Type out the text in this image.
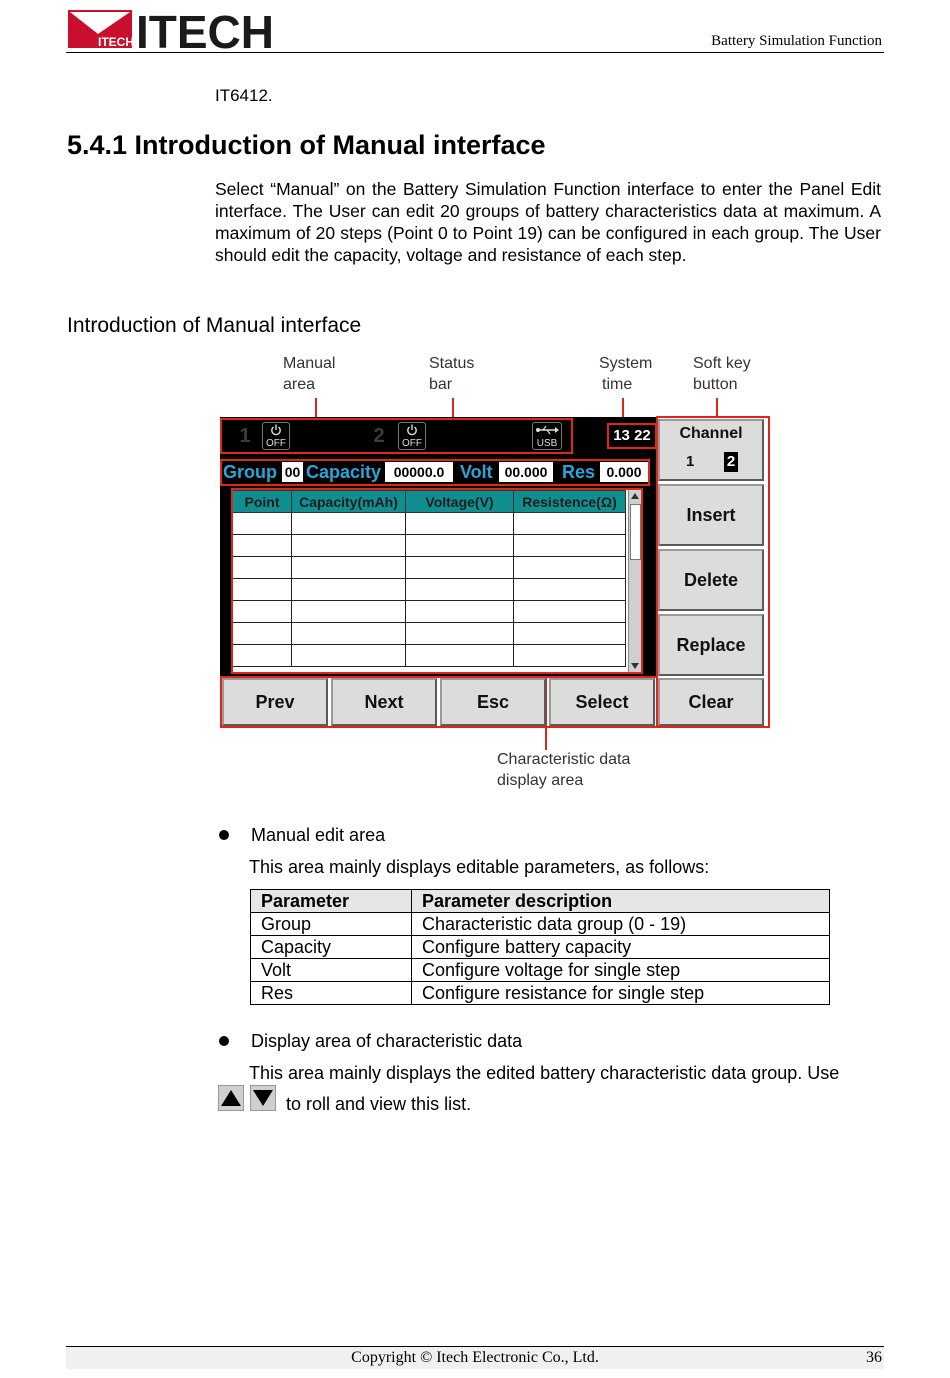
ITECH ITECH	Battery Simulation Function
IT6412.
5.4.1 Introduction of Manual interface
Select “Manual” on the Battery Simulation Function interface to enter the Panel Edit interface. The User can edit 20 groups of battery characteristics data at maximum. A maximum of 20 steps (Point 0 to Point 19) can be configured in each group. The User should edit the capacity, voltage and resistance of each step.
Introduction of Manual interface
Manual
area
Status
bar
System
time
Soft key
button
Characteristic data
display area
1	OFF	2	OFF	USB	13 22
Group 00 Capacity 00000.0 Volt 00.000 Res 0.000
Point	Capacity(mAh)	Voltage(V)	Resistence(Ω)

Channel
1 2
Insert
Delete
Replace
Prev	Next	Esc	Select	Clear
Manual edit area
This area mainly displays editable parameters, as follows:
Parameter	Parameter description
Group	Characteristic data group (0 - 19)
Capacity	Configure battery capacity
Volt	Configure voltage for single step
Res	Configure resistance for single step
Display area of characteristic data
This area mainly displays the edited battery characteristic data group. Use
to roll and view this list.
Copyright © Itech Electronic Co., Ltd.	36
